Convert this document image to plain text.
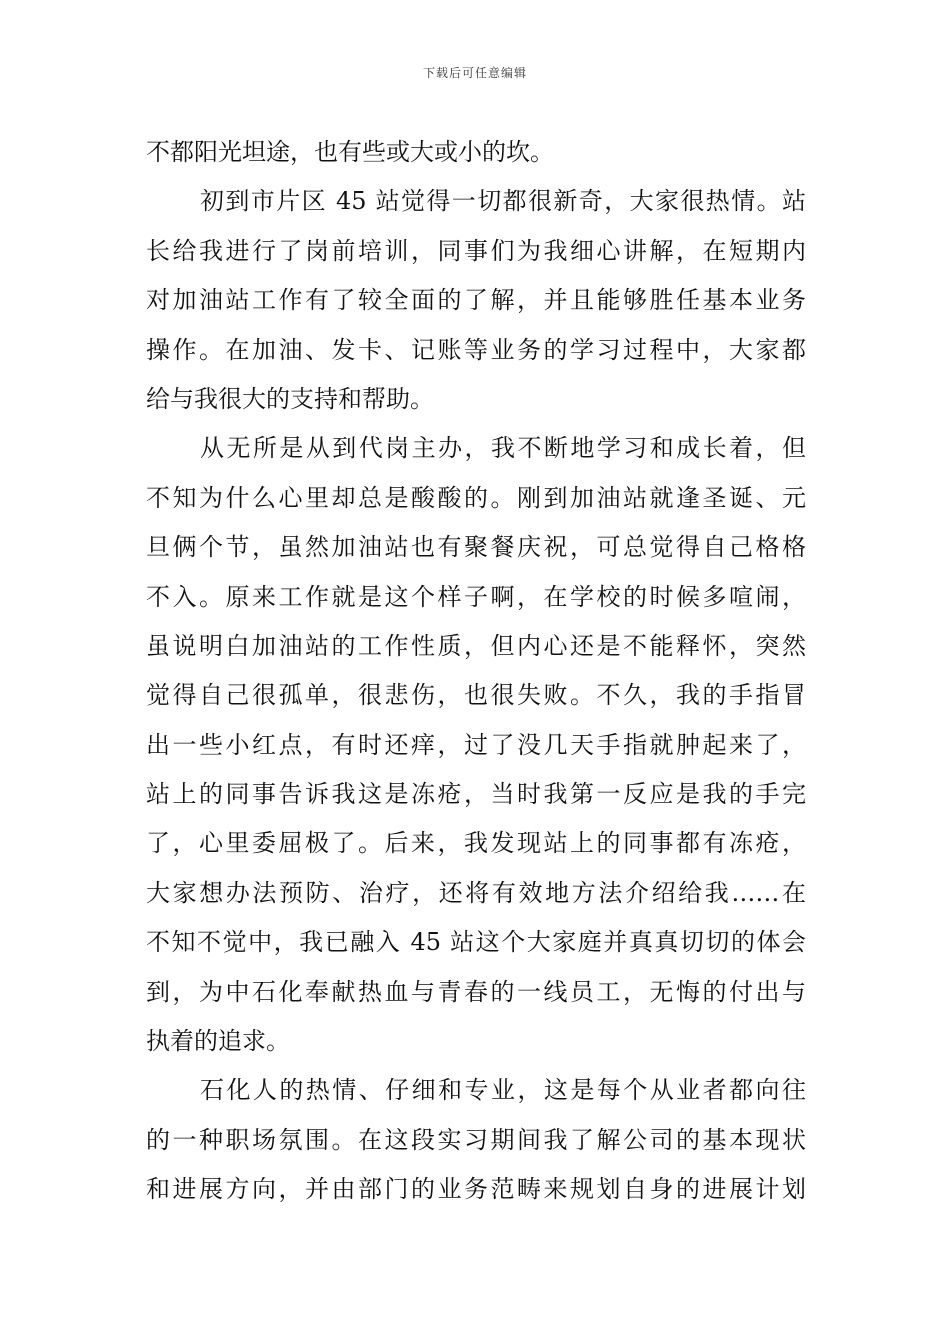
下载后可任意编辑
不都阳光坦途，也有些或大或小的坎。
初到市片区 45 站觉得一切都很新奇，大家很热情。站
长给我进行了岗前培训，同事们为我细心讲解，在短期内
对加油站工作有了较全面的了解，并且能够胜任基本业务
操作。在加油、发卡、记账等业务的学习过程中，大家都
给与我很大的支持和帮助。
从无所是从到代岗主办，我不断地学习和成长着，但
不知为什么心里却总是酸酸的。刚到加油站就逢圣诞、元
旦俩个节，虽然加油站也有聚餐庆祝，可总觉得自己格格
不入。原来工作就是这个样子啊，在学校的时候多喧闹，
虽说明白加油站的工作性质，但内心还是不能释怀，突然
觉得自己很孤单，很悲伤，也很失败。不久，我的手指冒
出一些小红点，有时还痒，过了没几天手指就肿起来了，
站上的同事告诉我这是冻疮，当时我第一反应是我的手完
了，心里委屈极了。后来，我发现站上的同事都有冻疮，
大家想办法预防、治疗，还将有效地方法介绍给我……在
不知不觉中，我已融入 45 站这个大家庭并真真切切的体会
到，为中石化奉献热血与青春的一线员工，无悔的付出与
执着的追求。
石化人的热情、仔细和专业，这是每个从业者都向往
的一种职场氛围。在这段实习期间我了解公司的基本现状
和进展方向，并由部门的业务范畴来规划自身的进展计划
